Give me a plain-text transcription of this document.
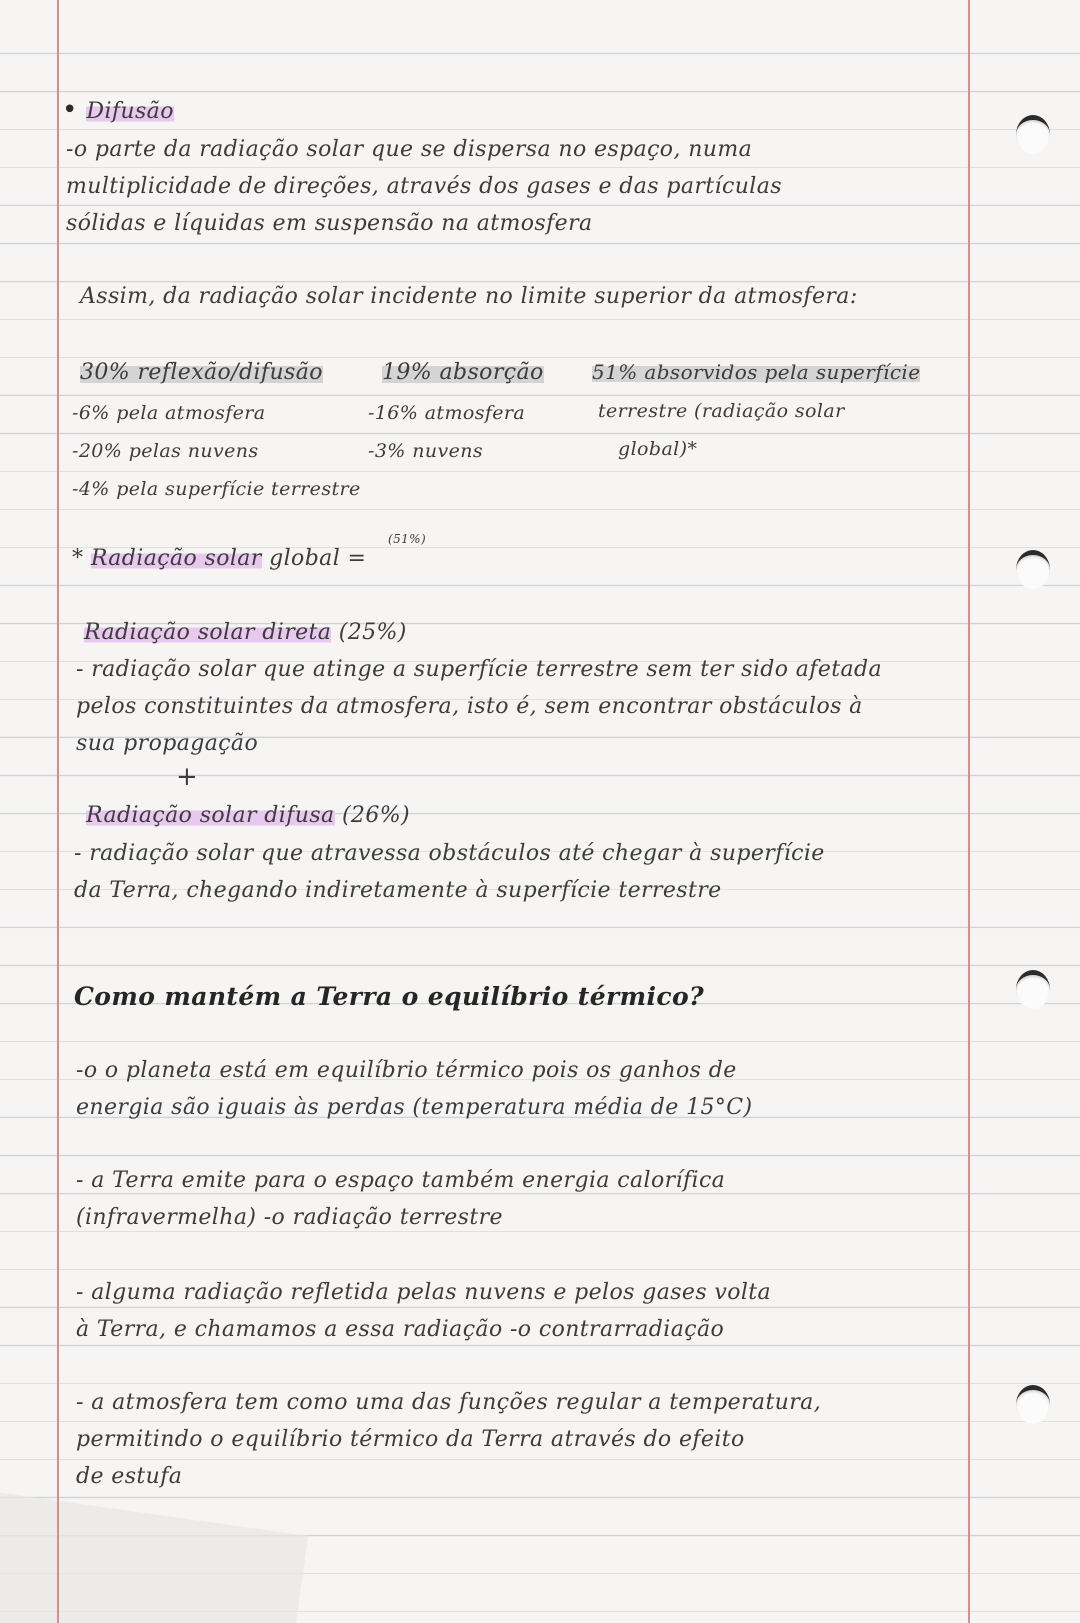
• Difusão
-o parte da radiação solar que se dispersa no espaço, numa
multiplicidade de direções, através dos gases e das partículas
sólidas e líquidas em suspensão na atmosfera
Assim, da radiação solar incidente no limite superior da atmosfera:
30% reflexão/difusão
-6% pela atmosfera
-20% pelas nuvens
-4% pela superfície terrestre
19% absorção
-16% atmosfera
-3% nuvens
51% absorvidos pela superfície
terrestre (radiação solar
global)*
* Radiação solar global =
(51%)
Radiação solar direta (25%)
- radiação solar que atinge a superfície terrestre sem ter sido afetada
pelos constituintes da atmosfera, isto é, sem encontrar obstáculos à
sua propagação
+
Radiação solar difusa (26%)
- radiação solar que atravessa obstáculos até chegar à superfície
da Terra, chegando indiretamente à superfície terrestre
Como mantém a Terra o equilíbrio térmico?
-o o planeta está em equilíbrio térmico pois os ganhos de
energia são iguais às perdas (temperatura média de 15°C)
- a Terra emite para o espaço também energia calorífica
(infravermelha) -o radiação terrestre
- alguma radiação refletida pelas nuvens e pelos gases volta
à Terra, e chamamos a essa radiação -o contrarradiação
- a atmosfera tem como uma das funções regular a temperatura,
permitindo o equilíbrio térmico da Terra através do efeito
de estufa
